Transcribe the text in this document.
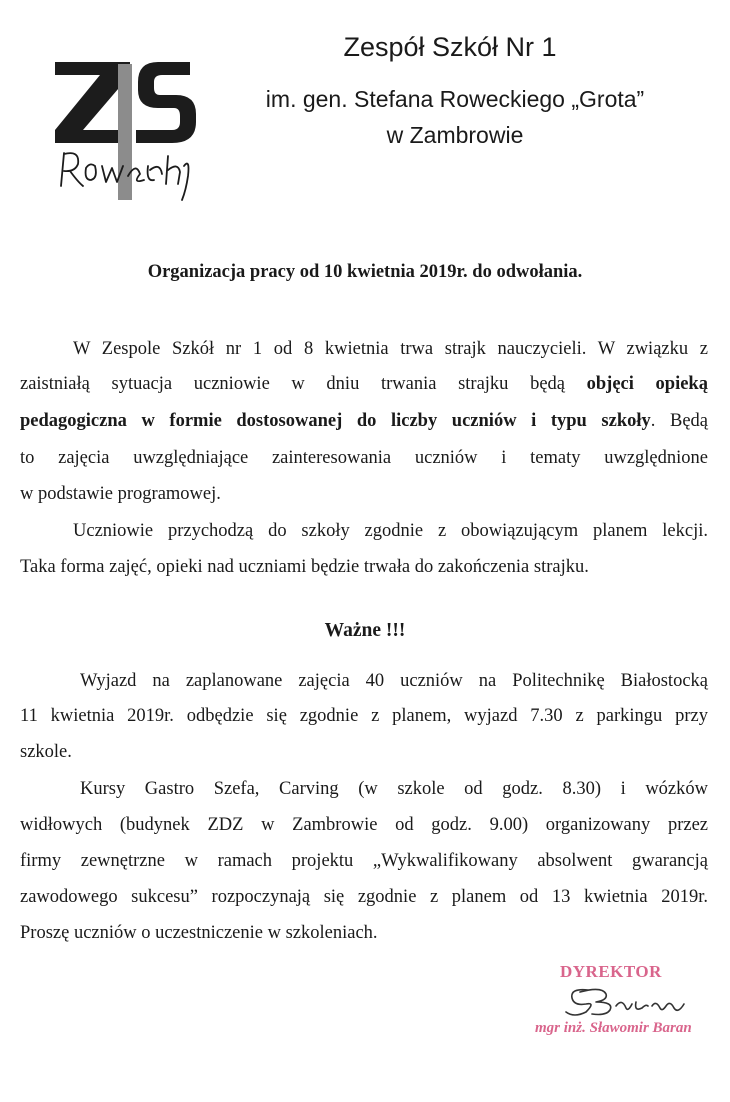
Zespół Szkół Nr 1
im. gen. Stefana Roweckiego „Grota”
w Zambrowie
Organizacja pracy od 10 kwietnia 2019r. do odwołania.
W Zespole Szkół nr 1 od 8 kwietnia trwa strajk nauczycieli. W związku z
zaistniałą sytuacja uczniowie w dniu trwania strajku będą objęci opieką
pedagogiczna w formie dostosowanej do liczby uczniów i typu szkoły. Będą
to zajęcia uwzględniające zainteresowania uczniów i tematy uwzględnione
w podstawie programowej.
Uczniowie przychodzą do szkoły zgodnie z obowiązującym planem lekcji.
Taka forma zajęć, opieki nad uczniami będzie trwała do zakończenia strajku.
Ważne !!!
Wyjazd na zaplanowane zajęcia 40 uczniów na Politechnikę Białostocką
11 kwietnia 2019r. odbędzie się zgodnie z planem, wyjazd 7.30 z parkingu przy
szkole.
Kursy Gastro Szefa, Carving (w szkole od godz. 8.30) i wózków
widłowych (budynek ZDZ w Zambrowie od godz. 9.00) organizowany przez
firmy zewnętrzne w ramach projektu „Wykwalifikowany absolwent gwarancją
zawodowego sukcesu” rozpoczynają się zgodnie z planem od 13 kwietnia 2019r.
Proszę uczniów o uczestniczenie w szkoleniach.
DYREKTOR
mgr inż. Sławomir Baran
